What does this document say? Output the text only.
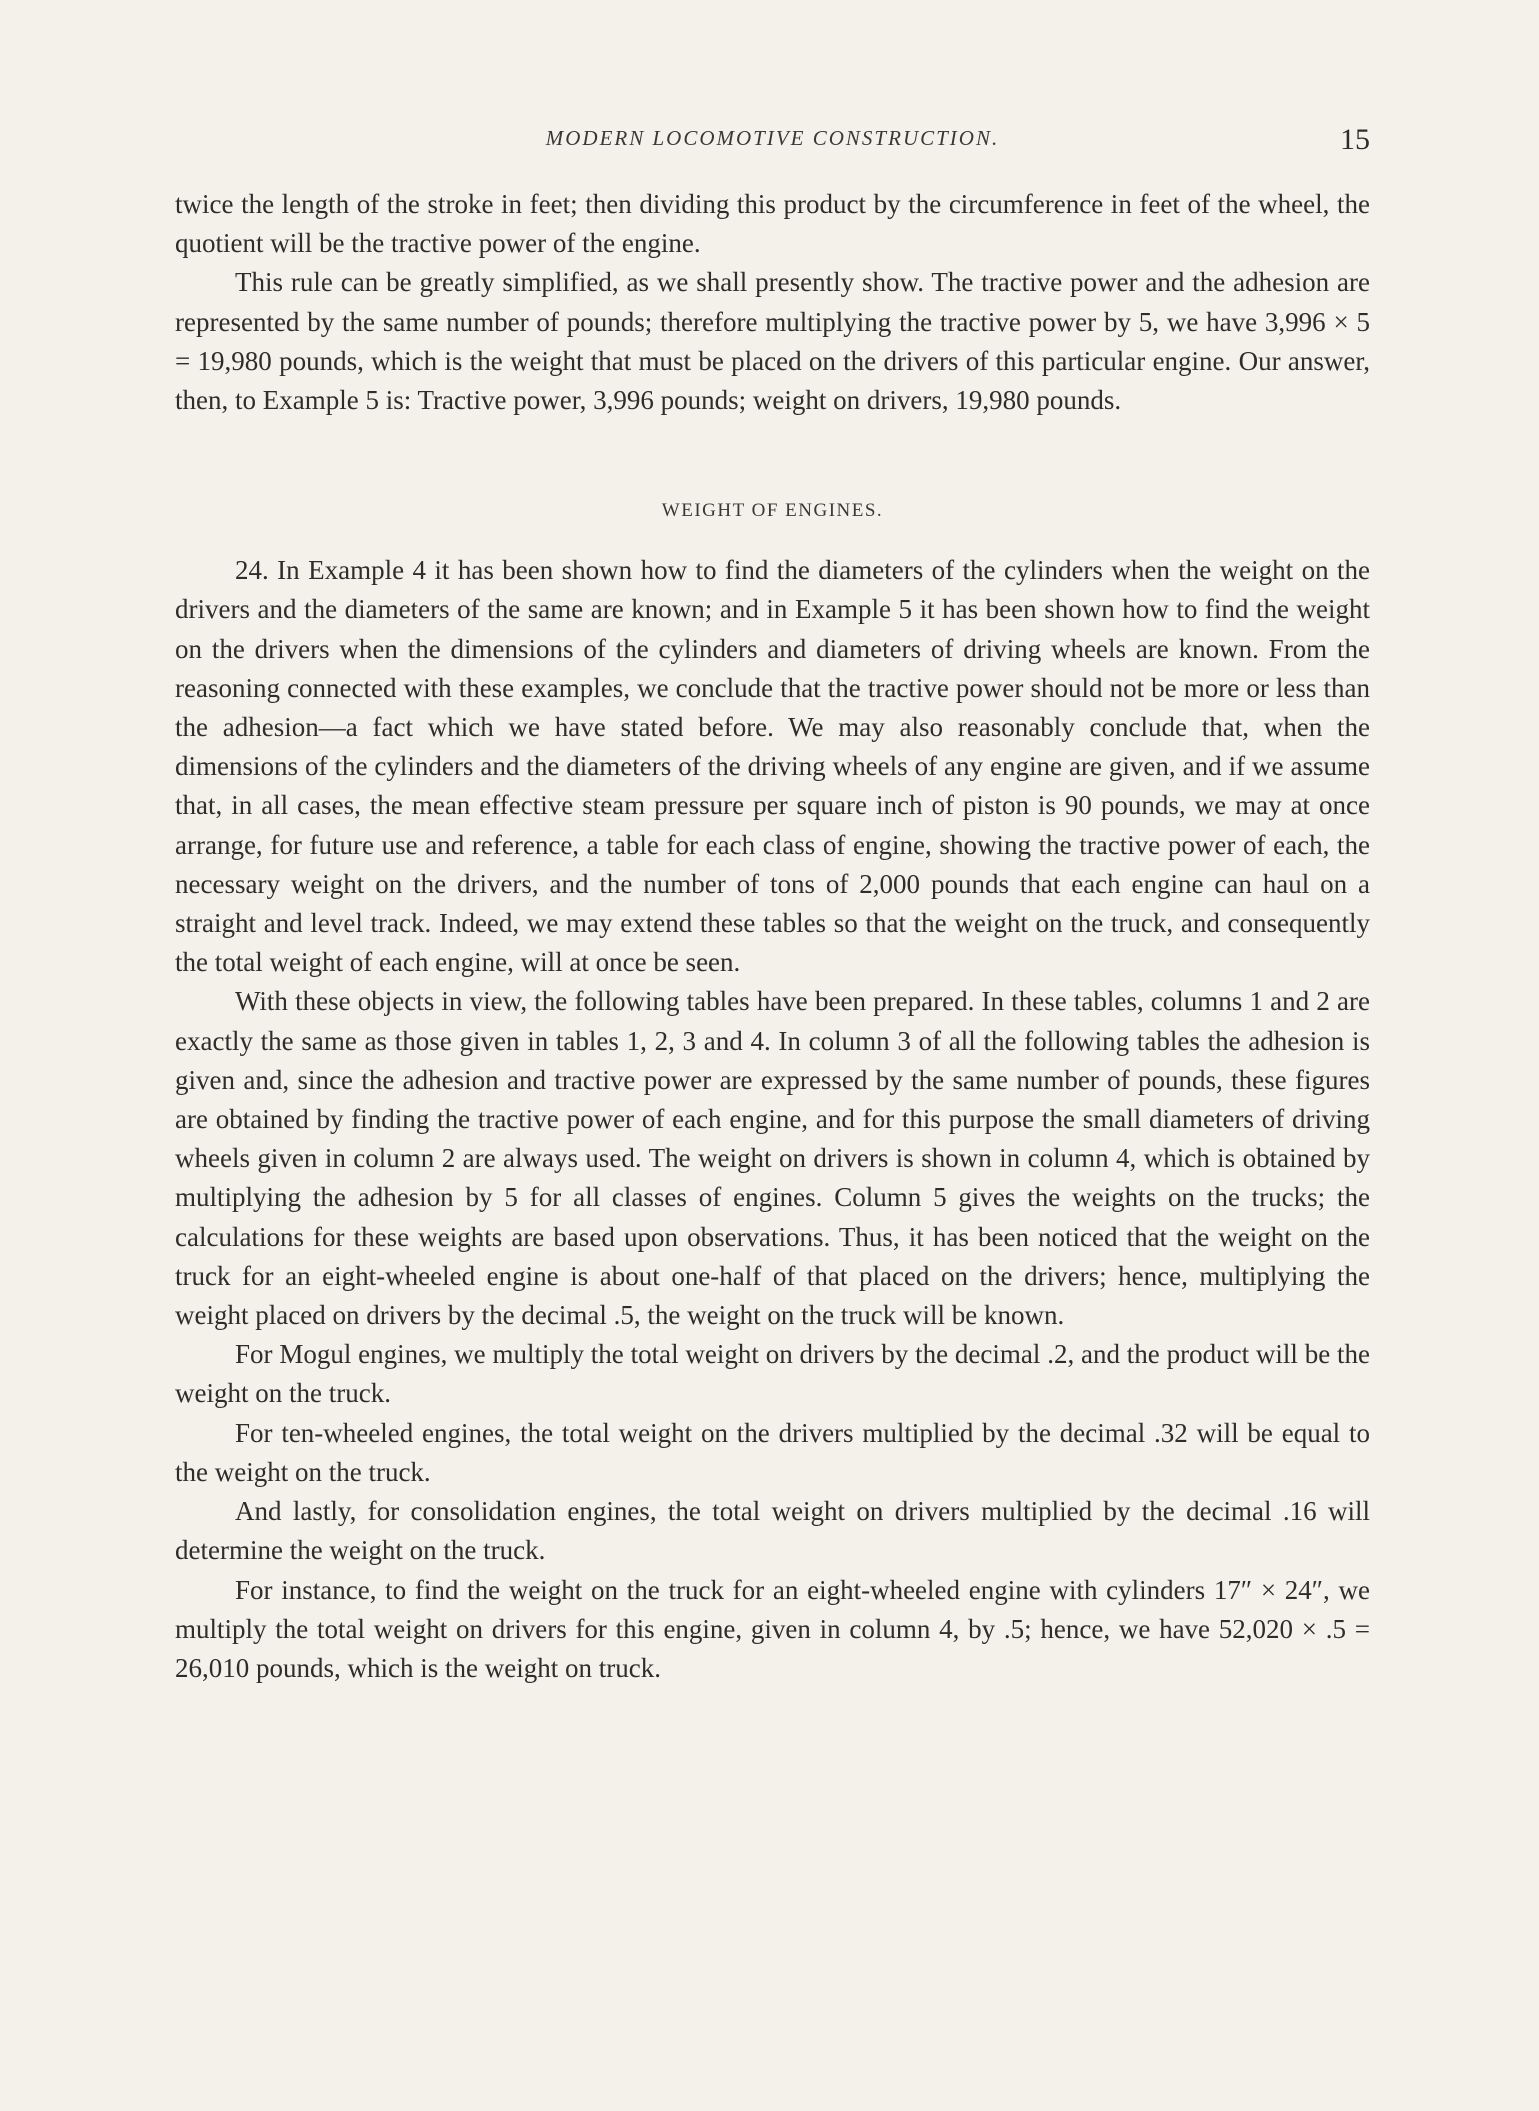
MODERN LOCOMOTIVE CONSTRUCTION.	15

twice the length of the stroke in feet; then dividing this product by the circumference in feet of the wheel, the quotient will be the tractive power of the engine.

This rule can be greatly simplified, as we shall presently show. The tractive power and the adhesion are represented by the same number of pounds; therefore multiplying the tractive power by 5, we have 3,996 × 5 = 19,980 pounds, which is the weight that must be placed on the drivers of this particular engine. Our answer, then, to Example 5 is: Tractive power, 3,996 pounds; weight on drivers, 19,980 pounds.

WEIGHT OF ENGINES.

24. In Example 4 it has been shown how to find the diameters of the cylinders when the weight on the drivers and the diameters of the same are known; and in Example 5 it has been shown how to find the weight on the drivers when the dimensions of the cylinders and diameters of driving wheels are known. From the reasoning connected with these examples, we conclude that the tractive power should not be more or less than the adhesion—a fact which we have stated before. We may also reasonably conclude that, when the dimensions of the cylinders and the diameters of the driving wheels of any engine are given, and if we assume that, in all cases, the mean effective steam pressure per square inch of piston is 90 pounds, we may at once arrange, for future use and reference, a table for each class of engine, showing the tractive power of each, the necessary weight on the drivers, and the number of tons of 2,000 pounds that each engine can haul on a straight and level track. Indeed, we may extend these tables so that the weight on the truck, and consequently the total weight of each engine, will at once be seen.

With these objects in view, the following tables have been prepared. In these tables, columns 1 and 2 are exactly the same as those given in tables 1, 2, 3 and 4. In column 3 of all the following tables the adhesion is given and, since the adhesion and tractive power are expressed by the same number of pounds, these figures are obtained by finding the tractive power of each engine, and for this purpose the small diameters of driving wheels given in column 2 are always used. The weight on drivers is shown in column 4, which is obtained by multiplying the adhesion by 5 for all classes of engines. Column 5 gives the weights on the trucks; the calculations for these weights are based upon observations. Thus, it has been noticed that the weight on the truck for an eight-wheeled engine is about one-half of that placed on the drivers; hence, multiplying the weight placed on drivers by the decimal .5, the weight on the truck will be known.

For Mogul engines, we multiply the total weight on drivers by the decimal .2, and the product will be the weight on the truck.

For ten-wheeled engines, the total weight on the drivers multiplied by the decimal .32 will be equal to the weight on the truck.

And lastly, for consolidation engines, the total weight on drivers multiplied by the decimal .16 will determine the weight on the truck.

For instance, to find the weight on the truck for an eight-wheeled engine with cylinders 17″ × 24″, we multiply the total weight on drivers for this engine, given in column 4, by .5; hence, we have 52,020 × .5 = 26,010 pounds, which is the weight on truck.
